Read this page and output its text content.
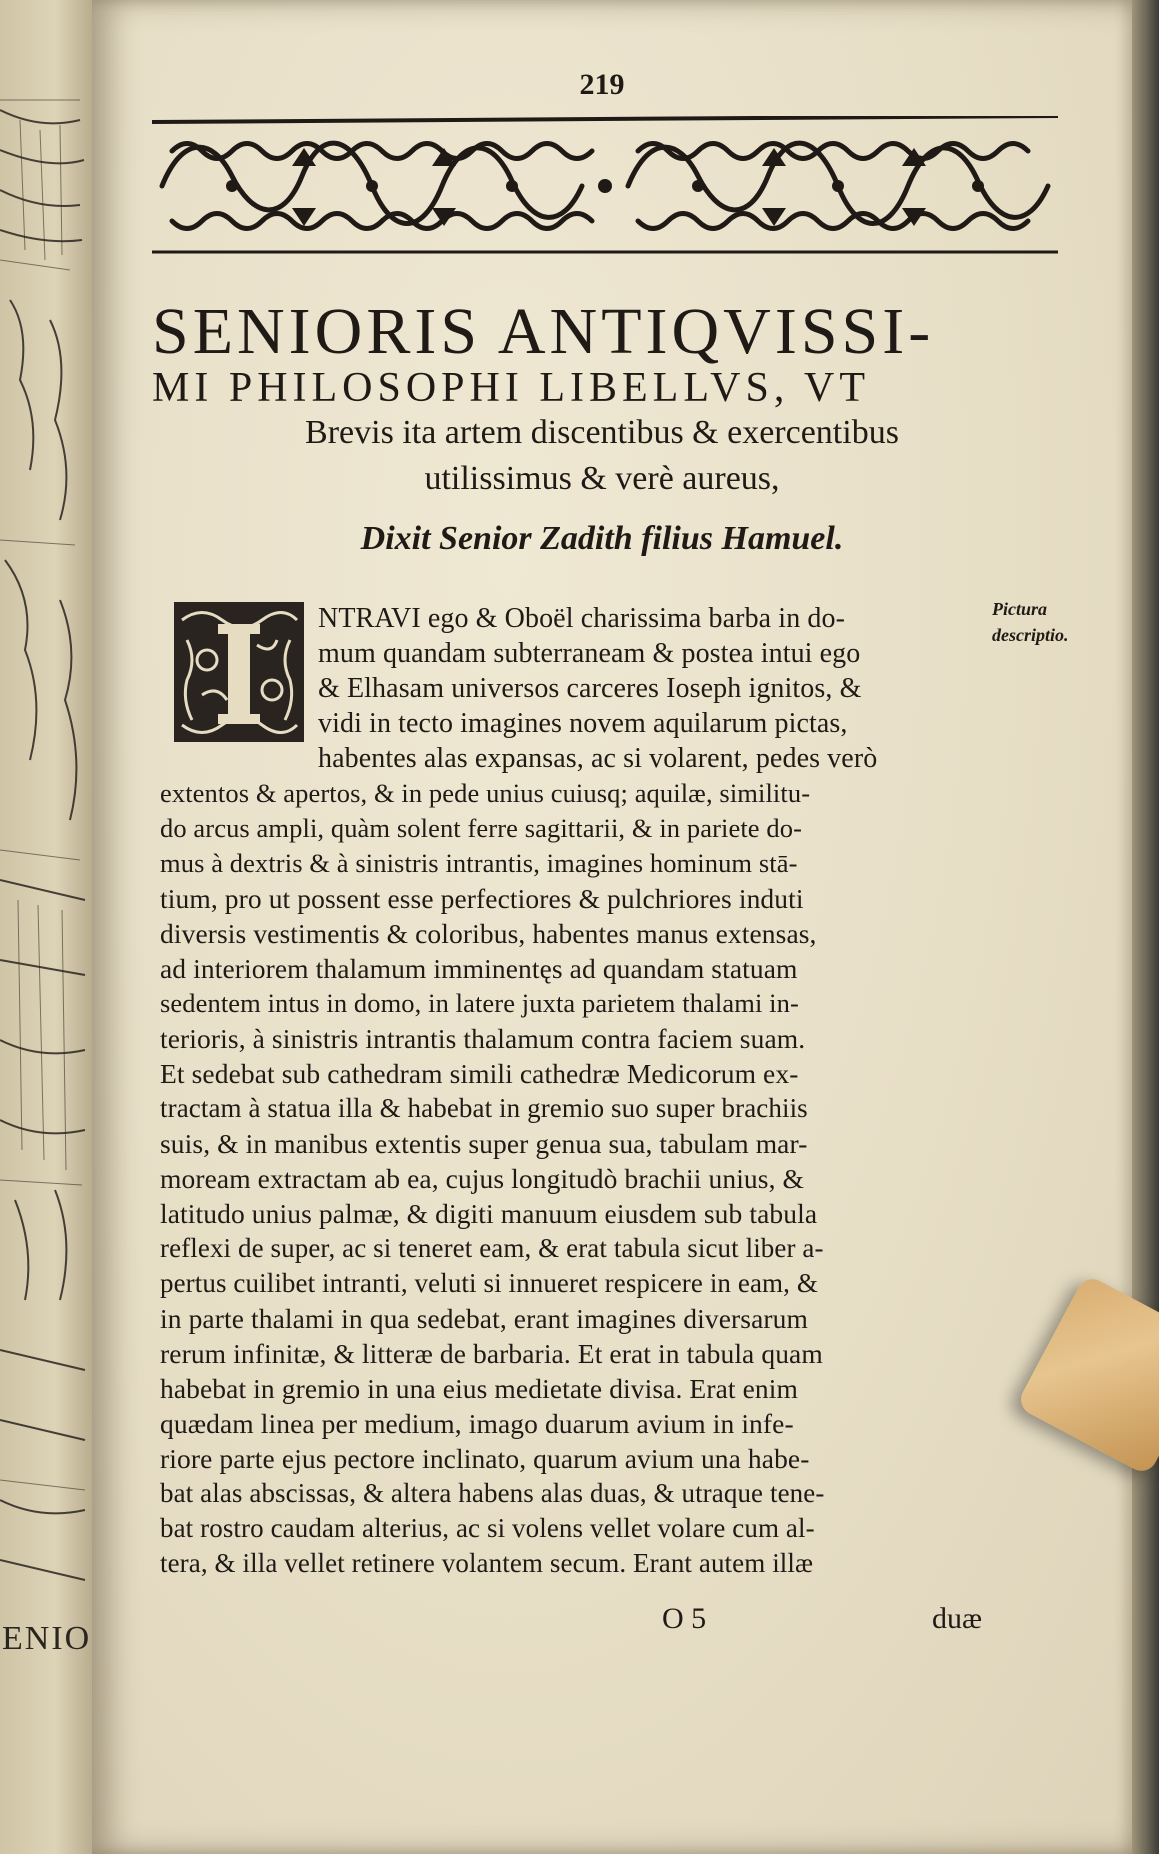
ENIO
219
SENIORIS ANTIQVISSI-
MI PHILOSOPHI LIBELLVS, VT
Brevis ita artem discentibus & exercentibus
utilissimus & verè aureus,
Dixit Senior Zadith filius Hamuel.
Pictura
descriptio.
NTRAVI ego & Oboël charissima barba in do-
mum quandam subterraneam & postea intui ego
& Elhasam universos carceres Ioseph ignitos, &
vidi in tecto imagines novem aquilarum pictas,
habentes alas expansas, ac si volarent, pedes verò
extentos & apertos, & in pede unius cuiusq; aquilæ, similitu-
do arcus ampli, quàm solent ferre sagittarii, & in pariete do-
mus à dextris & à sinistris intrantis, imagines hominum stā-
tium, pro ut possent esse perfectiores & pulchriores induti
diversis vestimentis & coloribus, habentes manus extensas,
ad interiorem thalamum imminentęs ad quandam statuam
sedentem intus in domo, in latere juxta parietem thalami in-
terioris, à sinistris intrantis thalamum contra faciem suam.
Et sedebat sub cathedram simili cathedræ Medicorum ex-
tractam à statua illa & habebat in gremio suo super brachiis
suis, & in manibus extentis super genua sua, tabulam mar-
moream extractam ab ea, cujus longitudò brachii unius, &
latitudo unius palmæ, & digiti manuum eiusdem sub tabula
reflexi de super, ac si teneret eam, & erat tabula sicut liber a-
pertus cuilibet intranti, veluti si innueret respicere in eam, &
in parte thalami in qua sedebat, erant imagines diversarum
rerum infinitæ, & litteræ de barbaria. Et erat in tabula quam
habebat in gremio in una eius medietate divisa. Erat enim
quædam linea per medium, imago duarum avium in infe-
riore parte ejus pectore inclinato, quarum avium una habe-
bat alas abscissas, & altera habens alas duas, & utraque tene-
bat rostro caudam alterius, ac si volens vellet volare cum al-
tera, & illa vellet retinere volantem secum. Erant autem illæ
O 5	duæ
